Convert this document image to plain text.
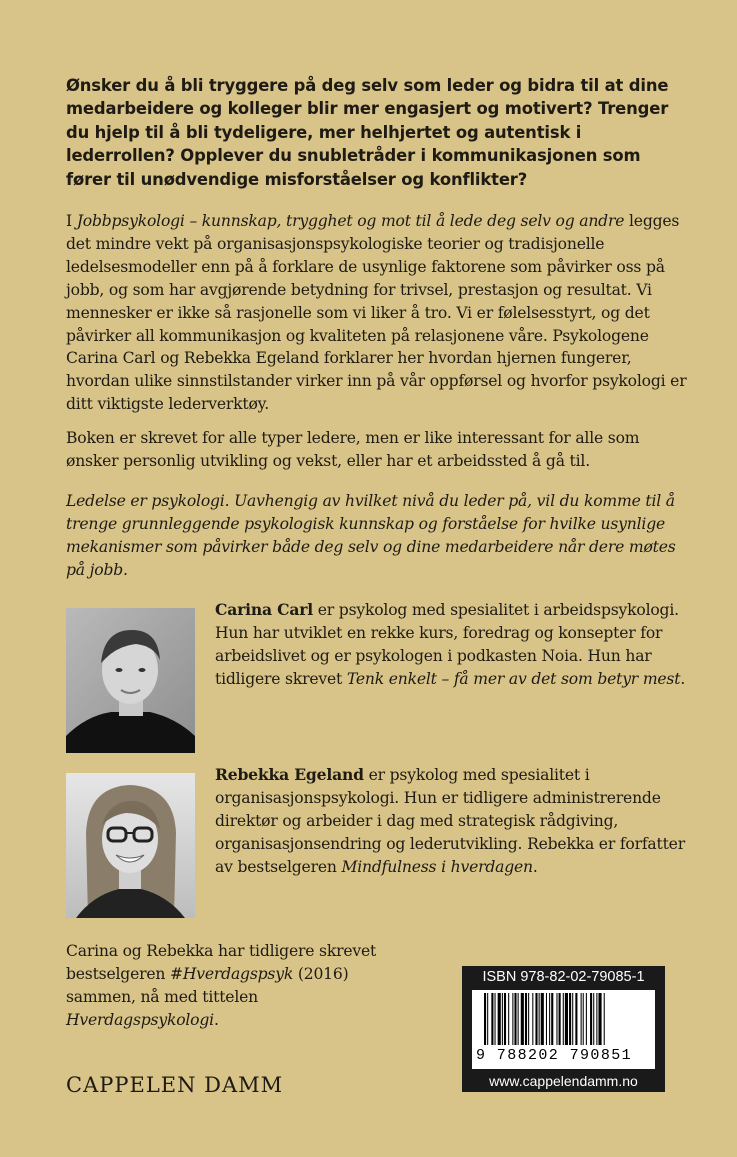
Ønsker du å bli tryggere på deg selv som leder og bidra til at dine medarbeidere og kolleger blir mer engasjert og motivert? Trenger du hjelp til å bli tydeligere, mer helhjertet og autentisk i lederrollen? Opplever du snubletråder i kommunikasjonen som fører til unødvendige misforståelser og konflikter?

I Jobbpsykologi – kunnskap, trygghet og mot til å lede deg selv og andre legges det mindre vekt på organisasjonspsykologiske teorier og tradisjonelle ledelsesmodeller enn på å forklare de usynlige faktorene som påvirker oss på jobb, og som har avgjørende betydning for trivsel, prestasjon og resultat. Vi mennesker er ikke så rasjonelle som vi liker å tro. Vi er følelsesstyrt, og det påvirker all kommunikasjon og kvaliteten på relasjonene våre. Psykologene Carina Carl og Rebekka Egeland forklarer her hvordan hjernen fungerer, hvordan ulike sinnstilstander virker inn på vår oppførsel og hvorfor psykologi er ditt viktigste lederverktøy.

Boken er skrevet for alle typer ledere, men er like interessant for alle som ønsker personlig utvikling og vekst, eller har et arbeidssted å gå til.

Ledelse er psykologi. Uavhengig av hvilket nivå du leder på, vil du komme til å trenge grunnleggende psykologisk kunnskap og forståelse for hvilke usynlige mekanismer som påvirker både deg selv og dine medarbeidere når dere møtes på jobb.

Carina Carl er psykolog med spesialitet i arbeidspsykologi. Hun har utviklet en rekke kurs, foredrag og konsepter for arbeidslivet og er psykologen i podkasten Noia. Hun har tidligere skrevet Tenk enkelt – få mer av det som betyr mest.

Rebekka Egeland er psykolog med spesialitet i organisasjonspsykologi. Hun er tidligere administrerende direktør og arbeider i dag med strategisk rådgiving, organisasjonsendring og lederutvikling. Rebekka er forfatter av bestselgeren Mindfulness i hverdagen.

Carina og Rebekka har tidligere skrevet bestselgeren #Hverdagspsyk (2016) sammen, nå med tittelen Hverdagspsykologi.

CAPPELEN DAMM
ISBN 978-82-02-79085-1
9 788202 790851
www.cappelendamm.no
